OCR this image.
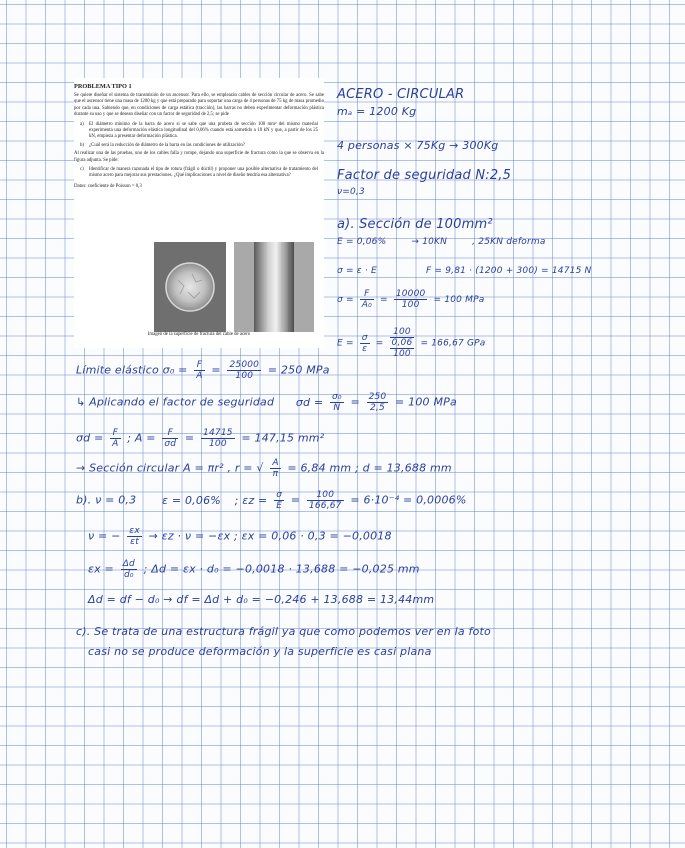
PROBLEMA TIPO 1

Se quiere diseñar el sistema de transmisión de un ascensor. Para ello, se emplearán cables de sección circular de acero. Se sabe que el ascensor tiene una masa de 1200 kg y que está preparado para soportar una carga de 4 personas de 75 kg de masa promedio por cada una. Sabiendo que, en condiciones de carga estática (tracción), las barras no deben experimentar deformación plástica durante su uso y que se desean diseñar con un factor de seguridad de 2,5; se pide

a)	El diámetro mínimo de la barra de acero si se sabe que una probeta de sección 100 mm² del mismo material experimenta una deformación elástica longitudinal del 0,06% cuando está sometido a 10 kN y que, a partir de los 25 kN, empieza a presentar deformación plástica.
b)	¿Cuál será la reducción de diámetro de la barra en las condiciones de utilización?

Al realizar una de las pruebas, uno de los cables falla y rompe, dejando una superficie de fractura como la que se observa en la figura adjunta. Se pide:

c)	Identificar de manera razonada el tipo de rotura (frágil o dúctil) y proponer una posible alternativa de tratamiento del mismo acero para mejorar sus prestaciones. ¿Qué implicaciones a nivel de diseño tendría esa alternativa?
Datos: coeficiente de Poisson = 0,3
Imagen de la superficie de fractura del cable de acero
ACERO - CIRCULAR
mₐ = 1200 Kg
4 personas × 75Kg → 300Kg
Factor de seguridad N:2,5
ν=0,3
a). Sección de 100mm²
E = 0,06%	→ 10KN	, 25KN deforma
σ = ε · E	F = 9,81 · (1200 + 300) = 14715 N
$\sigma = \frac{F}{\text{A₀}} = \frac{10000}{100} = 100$ MPa
$E = \frac{\sigma}{\varepsilon}$ =
100
0,06
100
= 166,67 GPa
Límite elástico $\sigma_0 = \frac{F}{A} = \frac{25000}{100} = 250$ MPa
↳ Aplicando el factor de seguridad $\sigma d = \frac{\text{σ₀}}{N} = \frac{250}{2,5} = 100$ MPa
$\sigma d = \frac{F}{A}$ ; $A = \frac{F}{\sigma d} = \frac{14715}{100} = 147,15$ mm²
→ Sección circular A = πr² , r = √ $\frac{A}{\pi} = 6,84$ mm ; d = 13,688 mm
b). ν = 0,3 ε = 0,06% ; $\varepsilon z = \frac{\sigma}{E} = \frac{100}{166,67} = 6\cdot 10^{-4} = 0,0006\%$
ν = − $\frac{\varepsilon x}{\varepsilon t} \to \varepsilon z \cdot \nu = -\varepsilon x$ ; εx = 0,06 · 0,3 = −0,0018
$\varepsilon x = \frac{\Delta d}{\text{d₀}}$ ; Δd = εx · d₀ = −0,0018 · 13,688 = −0,025 mm
Δd = df − d₀ → df = Δd + d₀ = −0,246 + 13,688 = 13,44mm
c). Se trata de una estructura frágil ya que como podemos ver en la foto
casi no se produce deformación y la superficie es casi plana
